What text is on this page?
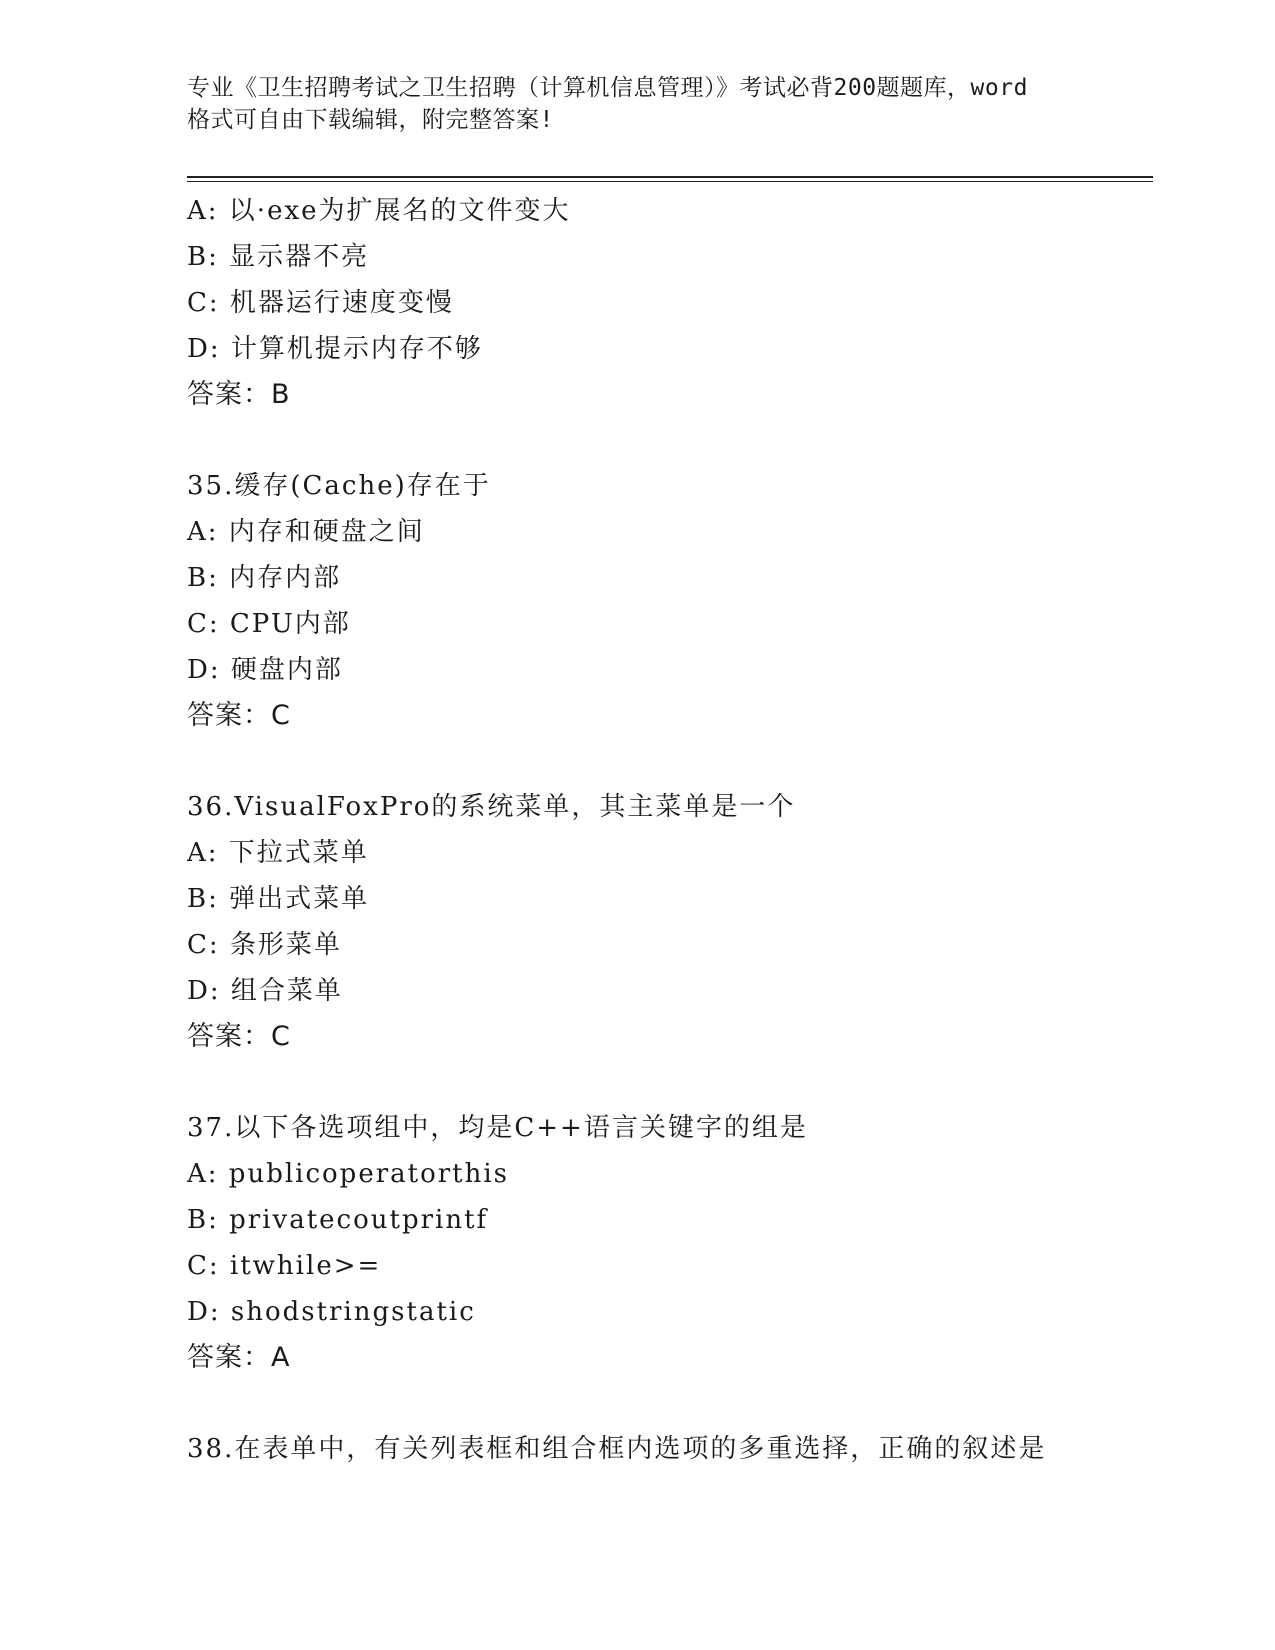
专业《卫生招聘考试之卫生招聘（计算机信息管理）》考试必背200题题库，word
格式可自由下载编辑，附完整答案!
A: 以·exe为扩展名的文件变大
B: 显示器不亮
C: 机器运行速度变慢
D: 计算机提示内存不够
答案：B
35.缓存(Cache)存在于
A: 内存和硬盘之间
B: 内存内部
C: CPU内部
D: 硬盘内部
答案：C
36.VisualFoxPro的系统菜单，其主菜单是一个
A: 下拉式菜单
B: 弹出式菜单
C: 条形菜单
D: 组合菜单
答案：C
37.以下各选项组中，均是C++语言关键字的组是
A: publicoperatorthis
B: privatecoutprintf
C: itwhile>=
D: shodstringstatic
答案：A
38.在表单中，有关列表框和组合框内选项的多重选择，正确的叙述是
